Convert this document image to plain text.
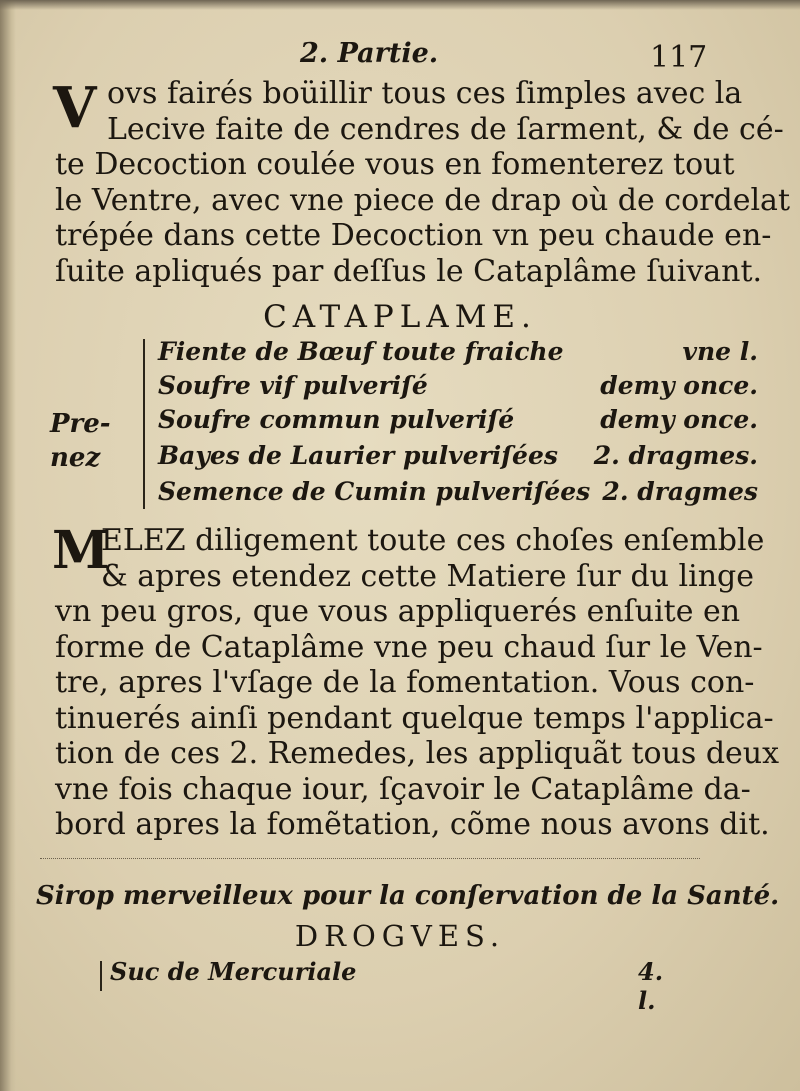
2. Partie.	117
V ovs fairés boüillir tous ces ſimples avec la
Lecive faite de cendres de ſarment, & de cé-
te Decoction coulée vous en fomenterez tout
le Ventre, avec vne piece de drap où de cordelat
trépée dans cette Decoction vn peu chaude en-
ſuite apliqués par deſſus le Cataplâme ſuivant.
CATAPLAME.
Pre-
nez
Fiente de Bœuf toute fraiche	vne l.
Soufre vif pulveriſé	demy once.
Soufre commun pulveriſé	demy once.
Bayes de Laurier pulveriſées 2. dragmes.
Semence de Cumin pulveriſées 2. dragmes
M
ELEZ diligement toute ces choſes enſemble
& apres etendez cette Matiere ſur du linge
vn peu gros, que vous appliquerés enſuite en
forme de Cataplâme vne peu chaud ſur le Ven-
tre, apres l'vſage de la fomentation. Vous con-
tinuerés ainſi pendant quelque temps l'applica-
tion de ces 2. Remedes, les appliquãt tous deux
vne fois chaque iour, ſçavoir le Cataplâme da-
bord apres la fomẽtation, cõme nous avons dit.
Sirop merveilleux pour la conſervation de la Santé.
DROGVES.
Suc de Mercuriale	4. l.
